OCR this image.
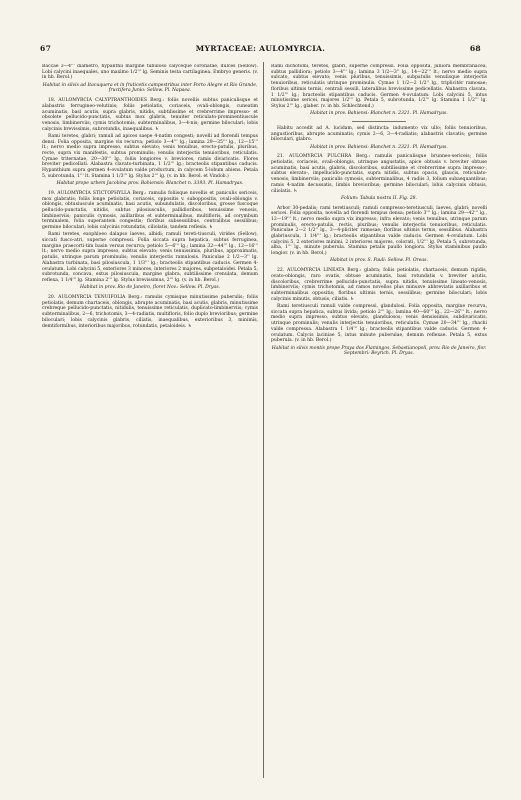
67	MYRTACEAE: AULOMYRCIA.	68

Baccae 3—4''' diametro, hypanthii margine tubuloso calyceque coronatae, dulces (Sellow). Lobi calycini inaequales, uno maximo 1/2''' lg. Seminis testa cartilaginea. Embryo generis. (v. in hb. Berol.)

Habitat in silvis ad Itacuquera et in fruticetis campestribus inter Porto Alegre et Rio Grande, fructifera Junio: Sellow. Pl. Napaea.

18. AULOMYRCIA CALYPTRANTHOIDES Berg.: foliis novellis subtus paniculisque et alabastris ferrugineo-velutinis; foliis petiolatis, coriaceis, ovali-oblongis, cuneatim acuminatis, basi acutis, supra glabris, nitidis, subtilissime et crebrerrime impresso- et obsolete pellucido-punctatis, subtus mox glabris, tenuiter reticulato-prominentiuscule venosis, limbinerviis; cymis trichotomis, subterminalibus, 3—4-nis; germine biloculari; lobis calycinis brevissimis, subrotundis, inaequalibus. ♄

Rami teretes, glabri; ramuli ad apices saepe 4-natim congesti; novelli ad florendi tempus densi. Folia opposita, margine vix recurva; petiolo 3—4''' lg.; lamina 29—35''' lg., 12—15''' lt.; nervo medio supra impresso, subtus elevato; venis tenuibus, erecto-patulis, pluribus, recte, supra vix manifestis, subtus prominulis; venulis interjectis tenuioribus, reticulatis. Cymae triternatae, 20—30''' lg., foliis longiores v. breviores, ramis divaricatis. Flores breviter pedicellati. Alabastra clavato-turbinata, 1 1/2''' lg.; bracteolis stipantibus caducis. Hypanthium supra germen 4-ovulatum valde productum, in calycem 5-lobum abiens. Petala 5, subrotunda, 1''' lt. Stamina 1 1/3''' lg. Stylus 2''' lg. (v. in hb. Berol. et Vindob.)

Habitat prope urbem Jacobina prov. Bahiensis: Blanchet n. 3393. Pl. Hamadryas.

19. AULOMYRCIA STICTOPHYLLA Berg.: ramulis foliisque novellis et paniculis sericeis, mox glabratis; foliis longe petiolatis, coriaceis, oppositis v. suboppositis, ovali-oblongis v. oblongis, obtusiuscule acuminatis, basi acutis, subundulatis, discoloribus, grosse fuscoque pellucido-punctatis, nitidis, subtus pilosiusculis, pallidioribus, tenuissime venosis, limbinerviis; paniculis cymosis, axillaribus et subterminalibus, multifloris, ad corymbum terminalem, folia superantem congestis; floribus subsessilibus, centralibus sessilibus; germine biloculari; lobis calycinis rotundatis, ciliolatis, tandem reflexis. ♄

Rami teretes, exophloeo dalapso laeves, albidi; ramuli tereti-tiusculi, virides (Sellow), siccati fusco-atri, superne compressi. Folia siccata supra hepatica, subtus ferruginea, margine praecorti-tim basin versus recurva; petiolo 5—6''' lg.; lamina 32—44''' lg., 12—16''' lt.; nervo medio supra impresso, subtus elevato; venis tenuissimis, pluribus, approximatis, patulis, utrinque parum prominulis; venulis interjectis ramulosis. Paniculae 2 1/2—3'' lg. Alabastra turbinata, basi pilosiuscula, 1 1/3''' lg.; bracteolis stipantibus caducis. Germen 4-ovulatum. Lobi calycini 5, exteriores 3 minores, interiores 2 majores, subpetaloidei. Petala 5, subrotunda, concava, extus pilosiuscula, margine glabra, subtilissime crenulata, demum reflexa, 1 1/4''' lg. Stamina 2''' lg. Stylus brevissimus, 2''' lg. (v. in hb. Berol.)

Habitat in prov. Rio de Janeiro, floret Nov.: Sellow. Pl. Dryas.

20. AULOMYRCIA TENUIFOLIA Berg.: ramulis cymisque minutissime puberulis; foliis petiolatis, demum chartaceis, oblongis, abrupte acuminatis, basi acutis, glabris, minutissime crebreque pellucido-punctatis, nitidulis, tenuissime reticulatis, duplicato-limbinerviis; cymis subterminalibus, 2—6, trichotomis, 3—4-radiatis, multifloris, folio duplo brevioribus; germine biloculari; lobis calycinis glabris, ciliatis, inaequalibus, exterioribus 3, minimis, demtiformibus, interioribus majoribus, rotundatis, petaloideis. ♄

Rami dichotomi, teretes, glabri, superne compressi. Folia opposita, juniora membranacea, subtus pallidiora; petiolo 3—4''' lg.; lamina 3 1/2—3'' lg., 14—22''' lt.; nervo medio supra sulcato, subtus elevato; venis pluribus, tenuissimis, subpatulis venulisque interjectis tenuioribus, reticulatis utrinque prominulis. Cymae 1 1/2—2 1/2'' lg., triplicitér ramosae; floribus ultimis ternis, centrali sessili, lateralibus brevissime pedicellatis. Alabastra clavata, 1 1/2''' lg.; bracteolis stipantibus caducis. Germen 4-ovulatum. Lobi calycini 5, intus minutissime sericei, majores 1/2''' lg. Petala 5, subrotunda, 1/2''' lg. Stamina 1 1/2''' lg. Stylus 2''' lg., glaber. (v. in hb. Schlechtend.)

Habitat in prov. Bahiensi: Blanchet n. 2321. Pl. Hamadryas.

Habitu accedit ad A. lucidam, sed distincta: indumento vix ullo; foliis tenuioribus, angustioribus, abrupte acuminatis; cymis 2—6, 3—4-radiatis; alabastris clavatis; germine biloculari, glabro.

Habitat in prov. Bahiensi: Blanchet n. 2321. Pl. Hamadryas.

21. AULOMYRCIA PULCHRA Berg.: ramulis paniculisque brunneo-sericeis; foliis petiolatis, coriaceis, ovali-oblongis, utrinque angustatis, apice obtusis v. breviter obtuse acuminatis, basi acutis, glabris, discoloribus, subtilissime et crebrerrime supra impresso-, subtus elevato-, impellucido-punctatis, supra nitidis, subtus opacis, glaucis, reticulato-venosis, limbinerviis; paniculis cymosis, subterminalibus, 4 radiis 3, folium subaequantibus; ramis 4-natim decussatis, limbis brevioribus; germine biloculari; lobis calycinis obtusis, ciliolatis. ♄

Folium: Tabula nostra II. Fig. 28.

Arbor 30-pedalis; rami teretiusculi; ramuli compresso-teretiusculi, laeves, glabri; novelli sericei. Folia opposita, novella ad florendi tempus densa; petiolo 3''' lg.; lamina 29—42''' lg., 12—19''' lt.; nervo medio supra vix impresso, infra elevato; venis tenuibus, utrinque parum prominulis, erecto-patulis, rectis, pluribus; venulis interjectis tenuioribus, reticulatis. Paniculae 2—2 1/2'' lg., 3—4-pliciter ramosae; floribus ultimis ternis, sessilibus. Alabastra glabriuscula, 1 1/4''' lg.; bracteolis stipantibus valde caducis. Germen 4-ovulatum. Lobi calycini 5, 2 exteriores minimi, 2 interiores majores, colorati, 1/2''' lg. Petala 5, subrotunda, alba, 1''' lg., minute puberula. Stamina petalis paullo longiora. Stylus staminibus paullo longior. (v. in hb. Berol.)

Habitat in prov. S. Pauli: Sellow. Pl. Oreas.

22. AULOMYRCIA LINEATA Berg.: glabra; foliis petiolatis, chartaceis, demum rigidis, ovato-oblongis, raro ovatis, obtuse acuminatis, basi rotundatis v. breviter acutis, discoloribus, crebrerrime pellucido-punctatis, supra nitidis, tenuissime lineato-venosis, limbinerviis; cymis trichotomis, ad ramos novellos plus minusve abbreviatis axillaribus et subterminalibus oppositis; floribus ultimis ternis, sessilibus; germine biloculari; lobis calycinis minutis, obtusis, ciliatis. ♄

Rami teretiusculi ramuli valde compressi, glandulosi. Folia opposita, margine recurva, siccata supra hepatica, subtus livida; petiolo 2''' lg.; lamina 40—60''' lg., 22—26''' lt.; nervo medio supra impresso, subtus elevato, glandulosos; venis densissimis, subdivaricatis, utrinque prominulis; venulis interjectis tenuioribus, reticulatis. Cymae 20—34''' lg., rhachi valde compressa. Alabastra 1 1/4''' lg.; bracteolis stipantibus valde caducis. Germen 4-ovulatum. Calycis laciniae 5, intus minute puberulae, demum reflexae. Petala 5, extus puberula. (v. in hb. Berol.)

Habitat in silvis montis prope Praya dos Flamingos, Sebastianopoli, prov. Rio de Janeiro, flor. Septembri: Beyrich. Pl. Dryas.
